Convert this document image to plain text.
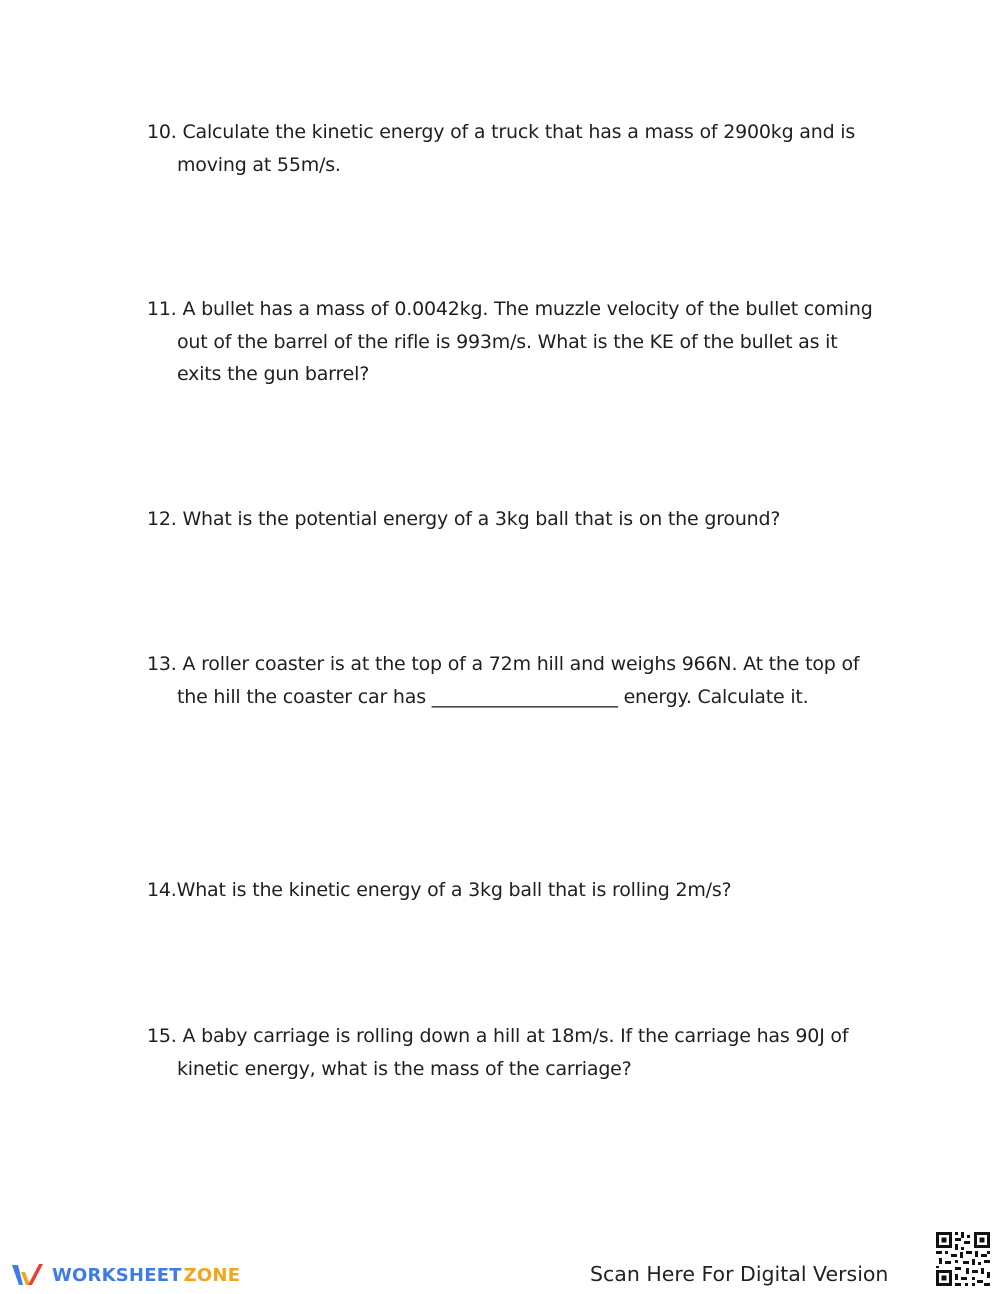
10. Calculate the kinetic energy of a truck that has a mass of 2900kg and is
moving at 55m/s.
11. A bullet has a mass of 0.0042kg. The muzzle velocity of the bullet coming
out of the barrel of the rifle is 993m/s. What is the KE of the bullet as it
exits the gun barrel?
12. What is the potential energy of a 3kg ball that is on the ground?
13. A roller coaster is at the top of a 72m hill and weighs 966N. At the top of
the hill the coaster car has ____________________ energy. Calculate it.
14.What is the kinetic energy of a 3kg ball that is rolling 2m/s?
15. A baby carriage is rolling down a hill at 18m/s. If the carriage has 90J of
kinetic energy, what is the mass of the carriage?
WORKSHEET ZONE	Scan Here For Digital Version
